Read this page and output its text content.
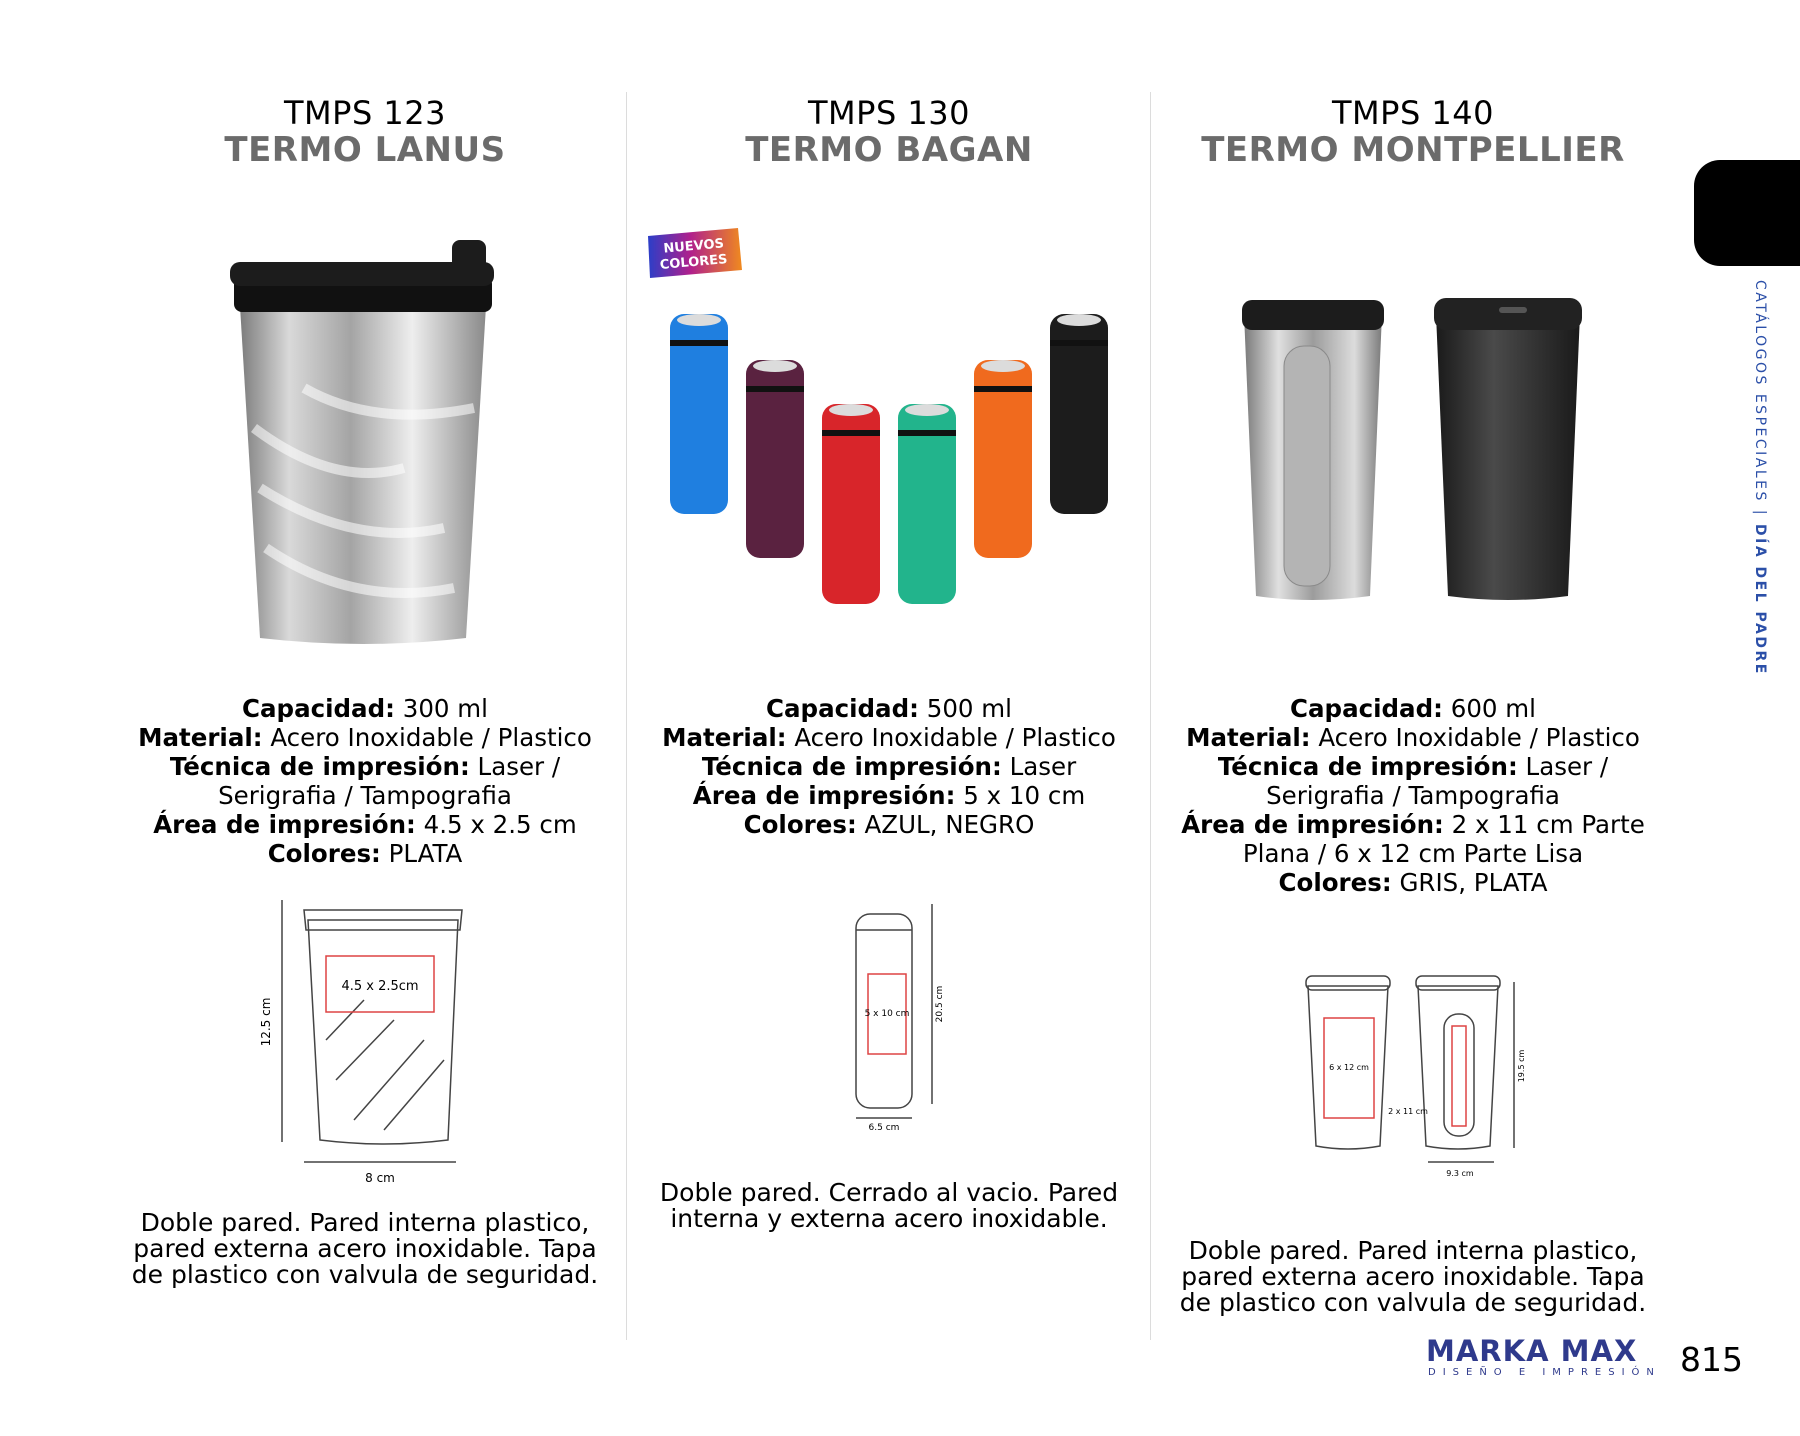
TMPS 123
TERMO LANUS
Capacidad: 300 ml
Material: Acero Inoxidable / Plastico
Técnica de impresión: Laser /
Serigrafia / Tampografia
Área de impresión: 4.5 x 2.5 cm
Colores: PLATA
4.5 x 2.5cm
8 cm
12.5 cm
Doble pared. Pared interna plastico,
pared externa acero inoxidable. Tapa
de plastico con valvula de seguridad.
TMPS 130
TERMO BAGAN
Capacidad: 500 ml
Material: Acero Inoxidable / Plastico
Técnica de impresión: Laser
Área de impresión: 5 x 10 cm
Colores: AZUL, NEGRO
5 x 10 cm
6.5 cm
20.5 cm
Doble pared. Cerrado al vacio. Pared
interna y externa acero inoxidable.
NUEVOS
COLORES
TMPS 140
TERMO MONTPELLIER
Capacidad: 600 ml
Material: Acero Inoxidable / Plastico
Técnica de impresión: Laser /
Serigrafia / Tampografia
Área de impresión: 2 x 11 cm Parte
Plana / 6 x 12 cm Parte Lisa
Colores: GRIS, PLATA
6 x 12 cm
2 x 11 cm
9.3 cm
19.5 cm
Doble pared. Pared interna plastico,
pared externa acero inoxidable. Tapa
de plastico con valvula de seguridad.
CATÁLOGOS ESPECIALES | DÍA DEL PADRE
MARKA MAX
DISEÑO E IMPRESIÓN 815
